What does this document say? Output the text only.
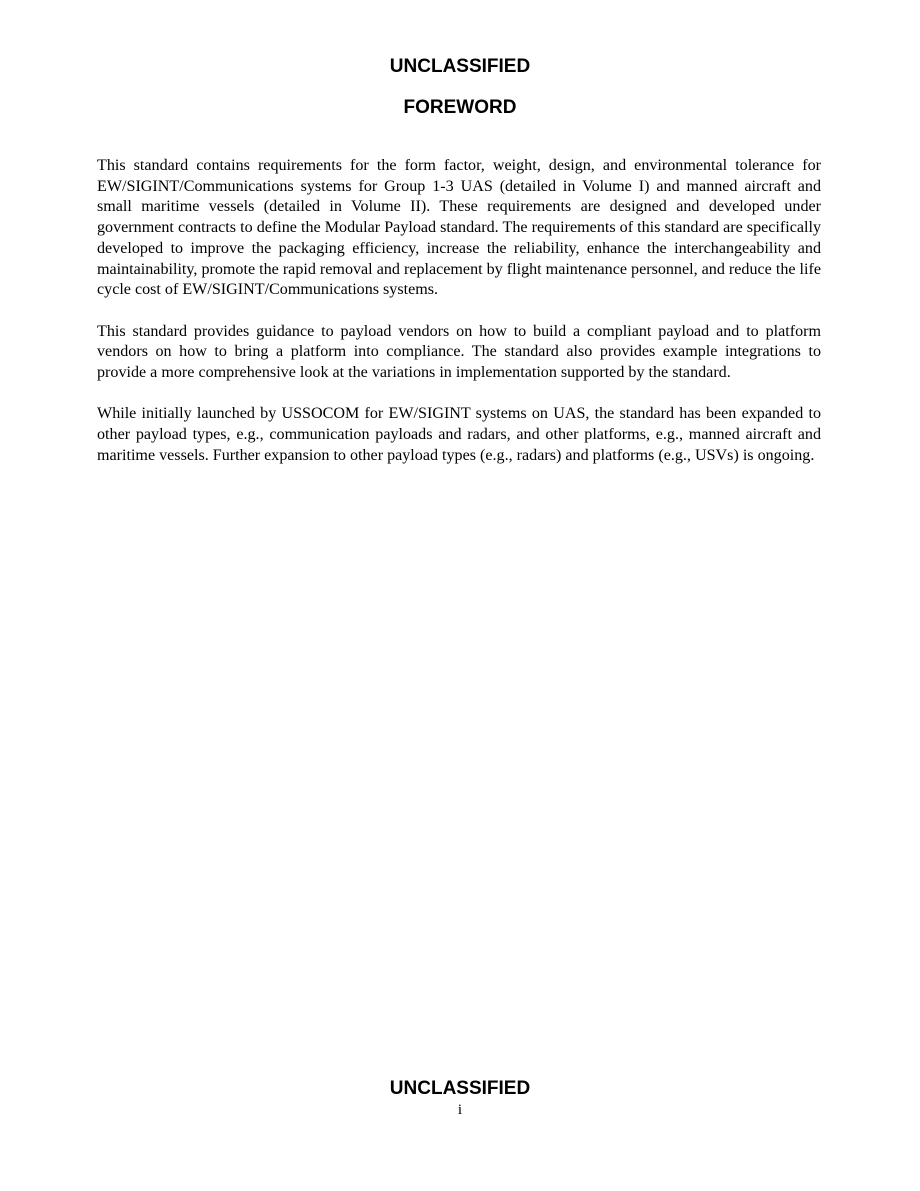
UNCLASSIFIED
FOREWORD

This standard contains requirements for the form factor, weight, design, and environmental tolerance for EW/SIGINT/Communications systems for Group 1-3 UAS (detailed in Volume I) and manned aircraft and small maritime vessels (detailed in Volume II). These requirements are designed and developed under government contracts to define the Modular Payload standard. The requirements of this standard are specifically developed to improve the packaging efficiency, increase the reliability, enhance the interchangeability and maintainability, promote the rapid removal and replacement by flight maintenance personnel, and reduce the life cycle cost of EW/SIGINT/Communications systems.

This standard provides guidance to payload vendors on how to build a compliant payload and to platform vendors on how to bring a platform into compliance. The standard also provides example integrations to provide a more comprehensive look at the variations in implementation supported by the standard.

While initially launched by USSOCOM for EW/SIGINT systems on UAS, the standard has been expanded to other payload types, e.g., communication payloads and radars, and other platforms, e.g., manned aircraft and maritime vessels. Further expansion to other payload types (e.g., radars) and platforms (e.g., USVs) is ongoing.

UNCLASSIFIED
i
